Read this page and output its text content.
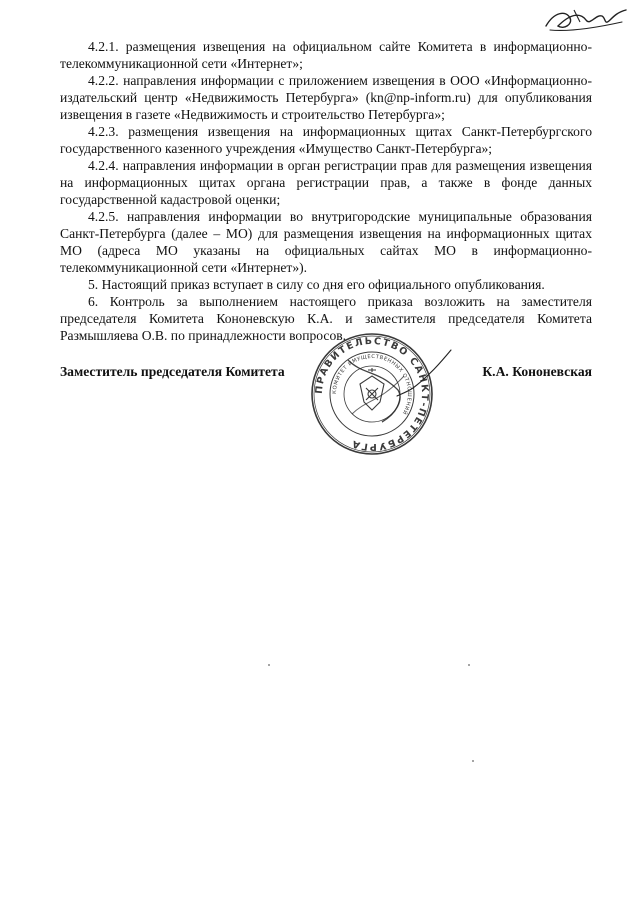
4.2.1. размещения извещения на официальном сайте Комитета в информационно-телекоммуникационной сети «Интернет»;

4.2.2. направления информации с приложением извещения в ООО «Информационно-издательский центр «Недвижимость Петербурга» (kn@np-inform.ru) для опубликования извещения в газете «Недвижимость и строительство Петербурга»;

4.2.3. размещения извещения на информационных щитах Санкт-Петербургского государственного казенного учреждения «Имущество Санкт-Петербурга»;

4.2.4. направления информации в орган регистрации прав для размещения извещения на информационных щитах органа регистрации прав, а также в фонде данных государственной кадастровой оценки;

4.2.5. направления информации во внутригородские муниципальные образования Санкт-Петербурга (далее – МО) для размещения извещения на информационных щитах МО (адреса МО указаны на официальных сайтах МО в информационно-телекоммуникационной сети «Интернет»).

5. Настоящий приказ вступает в силу со дня его официального опубликования.

6. Контроль за выполнением настоящего приказа возложить на заместителя председателя Комитета Кононевскую К.А. и заместителя председателя Комитета Размышляева О.В. по принадлежности вопросов.

Заместитель председателя Комитета	К.А. Кононевская
ПРАВИТЕЛЬСТВО САНКТ-ПЕТЕРБУРГА
КОМИТЕТ ИМУЩЕСТВЕННЫХ ОТНОШЕНИЙ
